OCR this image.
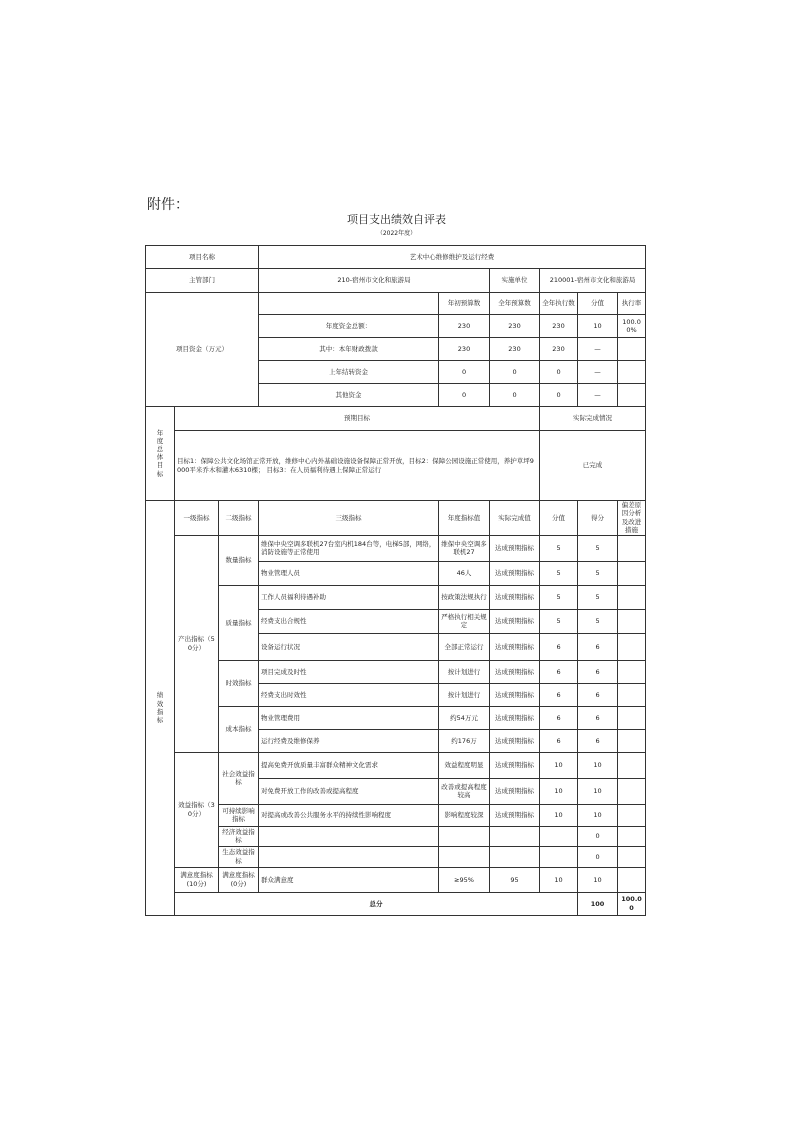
附件：
项目支出绩效自评表
（2022年度）
项目名称			艺术中心维修维护及运行经费						
主管部门			210-宿州市文化和旅游局		实施单位	210001-宿州市文化和旅游局			
项目资金（万元）				年初预算数	全年预算数	全年执行数	分值	执行率	
			年度资金总额：	230	230	230	10	100.00%	
			其中：本年财政拨款	230	230	230	—		
			上年结转资金	0	0	0	—		
			其他资金	0	0	0	—		
年度总体目标	预期目标					实际完成情况			
	目标1：保障公共文化场馆正常开放，维修中心内外基础设施设备保障正常开放，目标2：保障公园设施正常使用，养护草坪9000平米乔木和灌木6310棵； 目标3：在人员福利待遇上保障正常运行					已完成			
绩效指标	一级指标	二级指标	三级指标	年度指标值	实际完成值	分值	得分	偏差原因分析及改进措施	
	产出指标（50分）	数量指标	维保中央空调多联机27台室内机184台等，电梯5部，网络，消防设施等正常使用	维保中央空调多联机27	达成预期指标	5	5		
			物业管理人员	46人	达成预期指标	5	5		
		质量指标	工作人员福利待遇补助	按政策法规执行	达成预期指标	5	5		
			经费支出合规性	严格执行相关规定	达成预期指标	5	5		
			设备运行状况	全部正常运行	达成预期指标	6	6		
		时效指标	项目完成及时性	按计划进行	达成预期指标	6	6		
			经费支出时效性	按计划进行	达成预期指标	6	6		
		成本指标	物业管理费用	约54万元	达成预期指标	6	6		
			运行经费及维修保养	约176万	达成预期指标	6	6		
	效益指标（30分）	社会效益指标	提高免费开放质量丰富群众精神文化需求	效益程度明显	达成预期指标	10	10		
			对免费开放工作的改善或提高程度	改善或提高程度较高	达成预期指标	10	10		
		可持续影响指标	对提高或改善公共服务水平的持续性影响程度	影响程度较深	达成预期指标	10	10		
		经济效益指标					0		
		生态效益指标					0		
	满意度指标(10分)	满意度指标(0分)	群众满意度	≥95%	95	10	10		
	总分						100	100.00	
